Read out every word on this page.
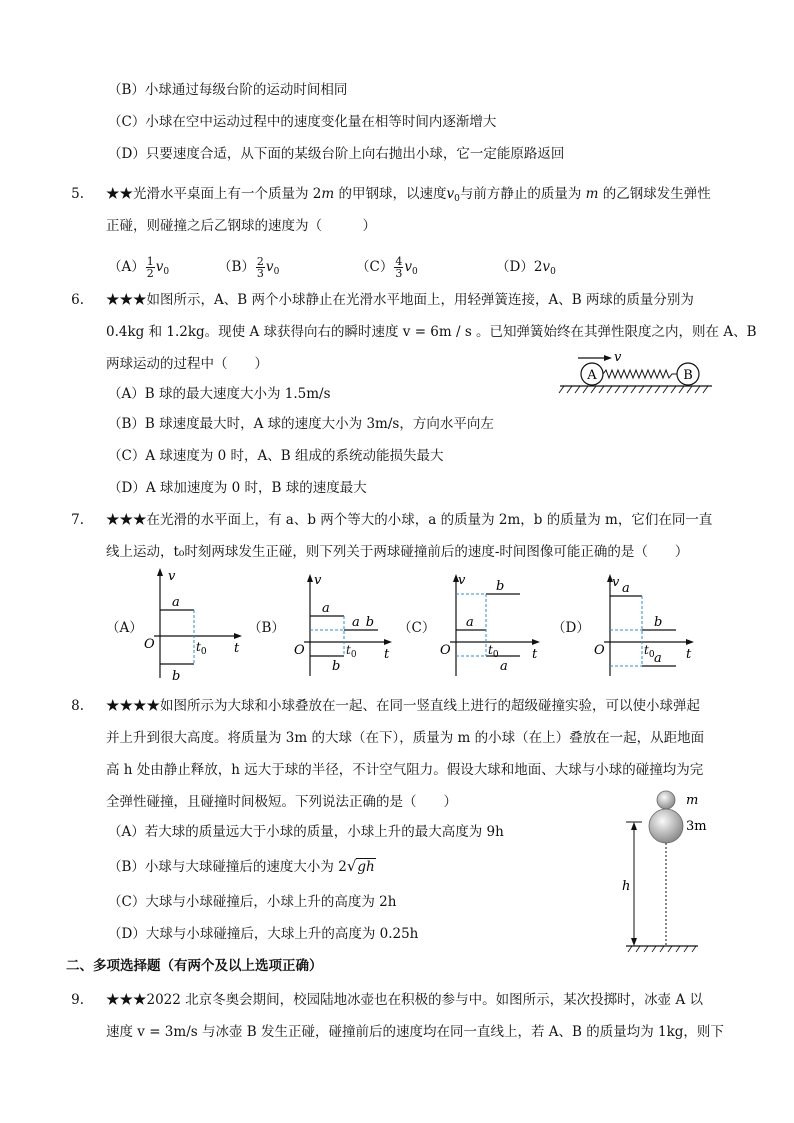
（B）小球通过每级台阶的运动时间相同
（C）小球在空中运动过程中的速度变化量在相等时间内逐渐增大
（D）只要速度合适，从下面的某级台阶上向右抛出小球，它一定能原路返回
5. ★★光滑水平桌面上有一个质量为 2m 的甲钢球，以速度$v_0$与前方静止的质量为 m 的乙钢球发生弹性
正碰，则碰撞之后乙钢球的速度为（　　　）
$(A) \frac{1}{2} v_0$	$(B) \frac{2}{3} v_0$	$(C) \frac{4}{3} v_0$	$(D)2v_0$
6. ★★★如图所示，A、B 两个小球静止在光滑水平地面上，用轻弹簧连接，A、B 两球的质量分别为
0.4kg 和 1.2kg。现使 A 球获得向右的瞬时速度 v = 6m / s 。已知弹簧始终在其弹性限度之内，则在 A、B
两球运动的过程中（　　）
（A）B 球的最大速度大小为 1.5m/s
（B）B 球速度最大时，A 球的速度大小为 3m/s，方向水平向左
（C）A 球速度为 0 时，A、B 组成的系统动能损失最大
（D）A 球加速度为 0 时，B 球的速度最大
v
A	B
7. ★★★在光滑的水平面上，有 a、b 两个等大的小球，a 的质量为 2m，b 的质量为 m，它们在同一直
线上运动，t₀时刻两球发生正碰，则下列关于两球碰撞前后的速度-时间图像可能正确的是（　　）
（A）	（B）	（C）	（D）
v
O	t
a
b
$t_0$
v
O	t
a
a b
b
$t_0$
v
O	t
b
a
a
$t_0$
v a
O	t
b
a
$t_0$
8. ★★★★如图所示为大球和小球叠放在一起、在同一竖直线上进行的超级碰撞实验，可以使小球弹起
并上升到很大高度。将质量为 3m 的大球（在下），质量为 m 的小球（在上）叠放在一起，从距地面
高 h 处由静止释放，h 远大于球的半径，不计空气阻力。假设大球和地面、大球与小球的碰撞均为完
全弹性碰撞，且碰撞时间极短。下列说法正确的是（　　）
（A）若大球的质量远大于小球的质量，小球上升的最大高度为 9h
（B）小球与大球碰撞后的速度大小为 2√gh
（C）大球与小球碰撞后，小球上升的高度为 2h
（D）大球与小球碰撞后，大球上升的高度为 0.25h
m
3m
h
二、多项选择题（有两个及以上选项正确）
9. ★★★2022 北京冬奥会期间，校园陆地冰壶也在积极的参与中。如图所示，某次投掷时，冰壶 A 以
速度 v = 3m/s 与冰壶 B 发生正碰，碰撞前后的速度均在同一直线上，若 A、B 的质量均为 1kg，则下
